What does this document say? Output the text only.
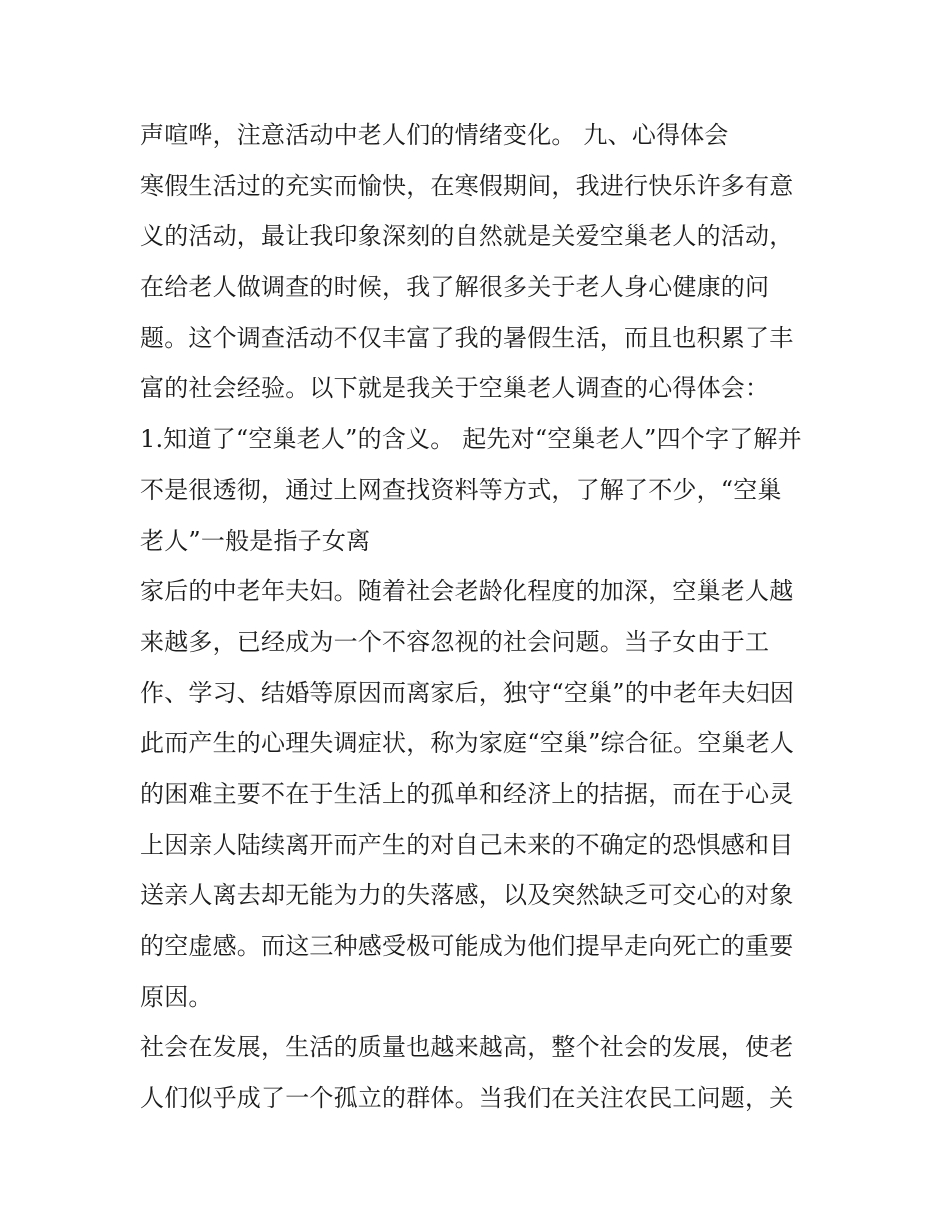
声喧哗，注意活动中老人们的情绪变化。 九、心得体会
寒假生活过的充实而愉快，在寒假期间，我进行快乐许多有意
义的活动，最让我印象深刻的自然就是关爱空巢老人的活动，
在给老人做调查的时候，我了解很多关于老人身心健康的问
题。这个调查活动不仅丰富了我的暑假生活，而且也积累了丰
富的社会经验。以下就是我关于空巢老人调查的心得体会：
1.知道了“空巢老人”的含义。 起先对“空巢老人”四个字了解并
不是很透彻，通过上网查找资料等方式，了解了不少，“空巢
老人”一般是指子女离
家后的中老年夫妇。随着社会老龄化程度的加深，空巢老人越
来越多，已经成为一个不容忽视的社会问题。当子女由于工
作、学习、结婚等原因而离家后，独守“空巢”的中老年夫妇因
此而产生的心理失调症状，称为家庭“空巢”综合征。空巢老人
的困难主要不在于生活上的孤单和经济上的拮据，而在于心灵
上因亲人陆续离开而产生的对自己未来的不确定的恐惧感和目
送亲人离去却无能为力的失落感，以及突然缺乏可交心的对象
的空虚感。而这三种感受极可能成为他们提早走向死亡的重要
原因。
社会在发展，生活的质量也越来越高，整个社会的发展，使老
人们似乎成了一个孤立的群体。当我们在关注农民工问题，关
